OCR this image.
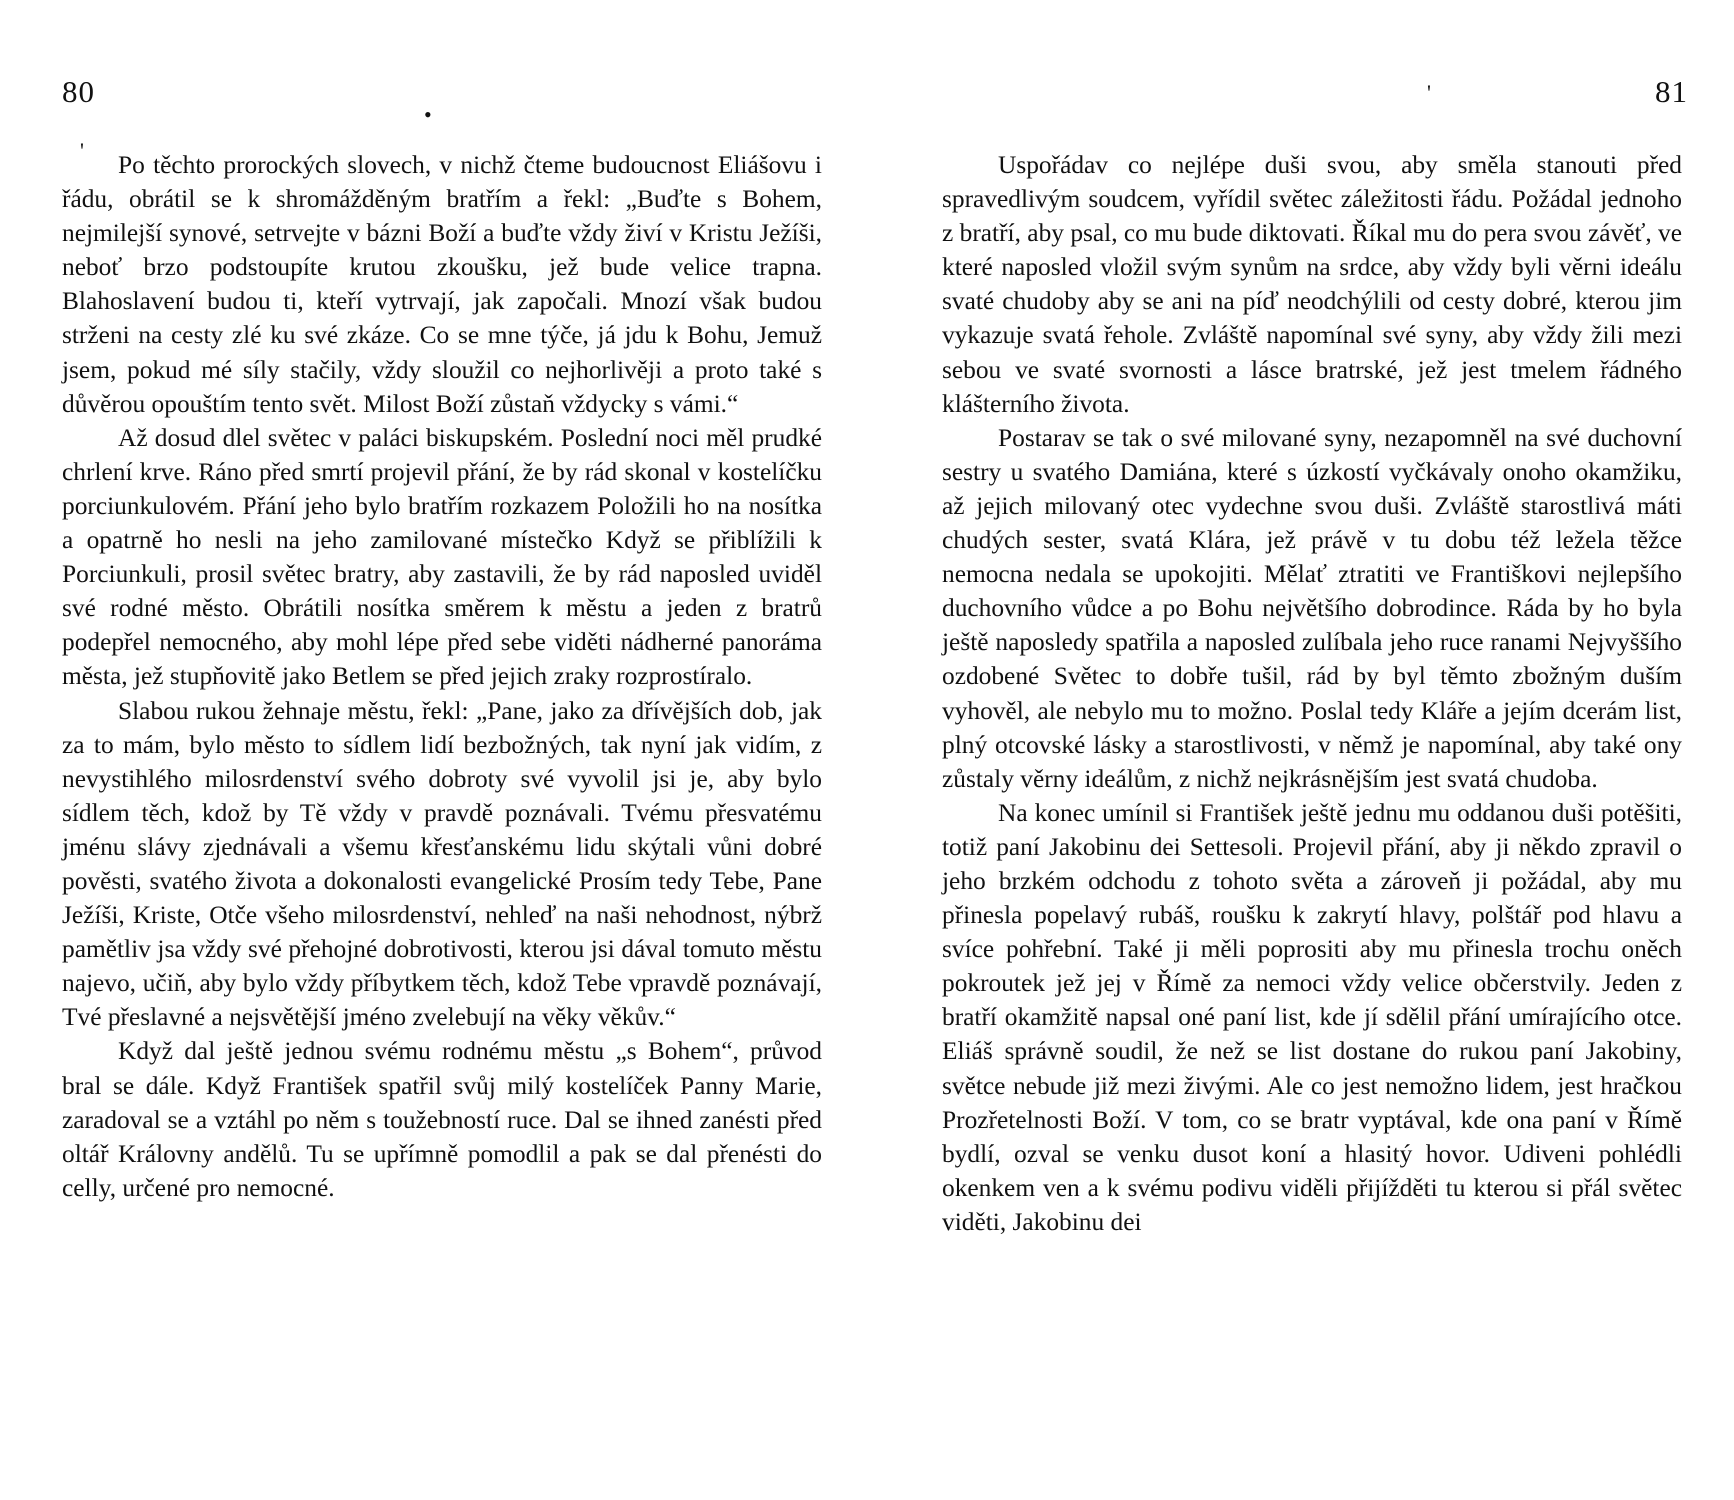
80
•
'

Po těchto prorockých slovech, v nichž čteme budoucnost Eliášovu i řádu, obrátil se k shromážděným bratřím a řekl: „Buďte s Bohem, nejmilejší synové, setrvejte v bázni Boží a buďte vždy živí v Kristu Ježíši, neboť brzo podstoupíte krutou zkoušku, jež bude velice trapna. Blahoslavení budou ti, kteří vytrvají, jak započali. Mnozí však budou strženi na cesty zlé ku své zkáze. Co se mne týče, já jdu k Bohu, Jemuž jsem, pokud mé síly stačily, vždy sloužil co nejhorlivěji a proto také s důvěrou opouštím tento svět. Milost Boží zůstaň vždycky s vámi.“

Až dosud dlel světec v paláci biskupském. Poslední noci měl prudké chrlení krve. Ráno před smrtí projevil přání, že by rád skonal v kostelíčku porciunkulovém. Přání jeho bylo bratřím rozkazem Položili ho na nosítka a opatrně ho nesli na jeho zamilované místečko Když se přiblížili k Porciunkuli, prosil světec bratry, aby zastavili, že by rád naposled uviděl své rodné město. Obrátili nosítka směrem k městu a jeden z bratrů podepřel nemocného, aby mohl lépe před sebe viděti nádherné panoráma města, jež stupňovitě jako Betlem se před jejich zraky rozprostíralo.

Slabou rukou žehnaje městu, řekl: „Pane, jako za dřívějších dob, jak za to mám, bylo město to sídlem lidí bezbožných, tak nyní jak vidím, z nevystihlého milosrdenství svého dobroty své vyvolil jsi je, aby bylo sídlem těch, kdož by Tě vždy v pravdě poznávali. Tvému přesvatému jménu slávy zjednávali a všemu křesťanskému lidu skýtali vůni dobré pověsti, svatého života a dokonalosti evangelické Prosím tedy Tebe, Pane Ježíši, Kriste, Otče všeho milosrdenství, nehleď na naši nehodnost, nýbrž pamětliv jsa vždy své přehojné dobrotivosti, kterou jsi dával tomuto městu najevo, učiň, aby bylo vždy příbytkem těch, kdož Tebe vpravdě poznávají, Tvé přeslavné a nejsvětější jméno zvelebují na věky věkův.“

Když dal ještě jednou svému rodnému městu „s Bohem“, průvod bral se dále. Když František spatřil svůj milý kostelíček Panny Marie, zaradoval se a vztáhl po něm s toužebností ruce. Dal se ihned zanésti před oltář Královny andělů. Tu se upřímně pomodlil a pak se dal přenésti do celly, určené pro nemocné.

'	81

Uspořádav co nejlépe duši svou, aby směla stanouti před spravedlivým soudcem, vyřídil světec záležitosti řádu. Požádal jednoho z bratří, aby psal, co mu bude diktovati. Říkal mu do pera svou závěť, ve které naposled vložil svým synům na srdce, aby vždy byli věrni ideálu svaté chudoby aby se ani na píď neodchýlili od cesty dobré, kterou jim vykazuje svatá řehole. Zvláště napomínal své syny, aby vždy žili mezi sebou ve svaté svornosti a lásce bratrské, jež jest tmelem řádného klášterního života.

Postarav se tak o své milované syny, nezapomněl na své duchovní sestry u svatého Damiána, které s úzkostí vyčkávaly onoho okamžiku, až jejich milovaný otec vydechne svou duši. Zvláště starostlivá máti chudých sester, svatá Klára, jež právě v tu dobu též ležela těžce nemocna nedala se upokojiti. Mělať ztratiti ve Františkovi nejlepšího duchovního vůdce a po Bohu největšího dobrodince. Ráda by ho byla ještě naposledy spatřila a naposled zulíbala jeho ruce ranami Nejvyššího ozdobené Světec to dobře tušil, rád by byl těmto zbožným duším vyhověl, ale nebylo mu to možno. Poslal tedy Kláře a jejím dcerám list, plný otcovské lásky a starostlivosti, v němž je napomínal, aby také ony zůstaly věrny ideálům, z nichž nejkrásnějším jest svatá chudoba.

Na konec umínil si František ještě jednu mu oddanou duši potěšiti, totiž paní Jakobinu dei Settesoli. Projevil přání, aby ji někdo zpravil o jeho brzkém odchodu z tohoto světa a zároveň ji požádal, aby mu přinesla popelavý rubáš, roušku k zakrytí hlavy, polštář pod hlavu a svíce pohřební. Také ji měli poprositi aby mu přinesla trochu oněch pokroutek jež jej v Římě za nemoci vždy velice občerstvily. Jeden z bratří okamžitě napsal oné paní list, kde jí sdělil přání umírajícího otce. Eliáš správně soudil, že než se list dostane do rukou paní Jakobiny, světce nebude již mezi živými. Ale co jest nemožno lidem, jest hračkou Prozřetelnosti Boží. V tom, co se bratr vyptával, kde ona paní v Římě bydlí, ozval se venku dusot koní a hlasitý hovor. Udiveni pohlédli okenkem ven a k svému podivu viděli přijížděti tu kterou si přál světec viděti, Jakobinu dei
